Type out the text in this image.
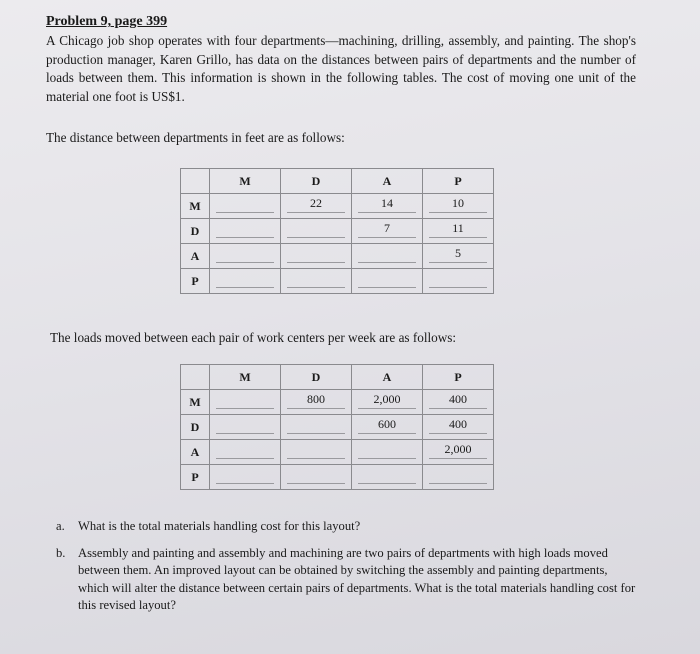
Problem 9, page 399
A Chicago job shop operates with four departments—machining, drilling, assembly, and painting. The shop's production manager, Karen Grillo, has data on the distances between pairs of departments and the number of loads between them. This information is shown in the following tables. The cost of moving one unit of the material one foot is US$1.
The distance between departments in feet are as follows:
	M	D	A	P
M		22	14	10
D			7	11
A				5
P	

The loads moved between each pair of work centers per week are as follows:
	M	D	A	P
M		800	2,000	400
D			600	400
A				2,000
P	

a. What is the total materials handling cost for this layout?
b. Assembly and painting and assembly and machining are two pairs of departments with high loads moved between them. An improved layout can be obtained by switching the assembly and painting departments, which will alter the distance between certain pairs of departments. What is the total materials handling cost for this revised layout?
